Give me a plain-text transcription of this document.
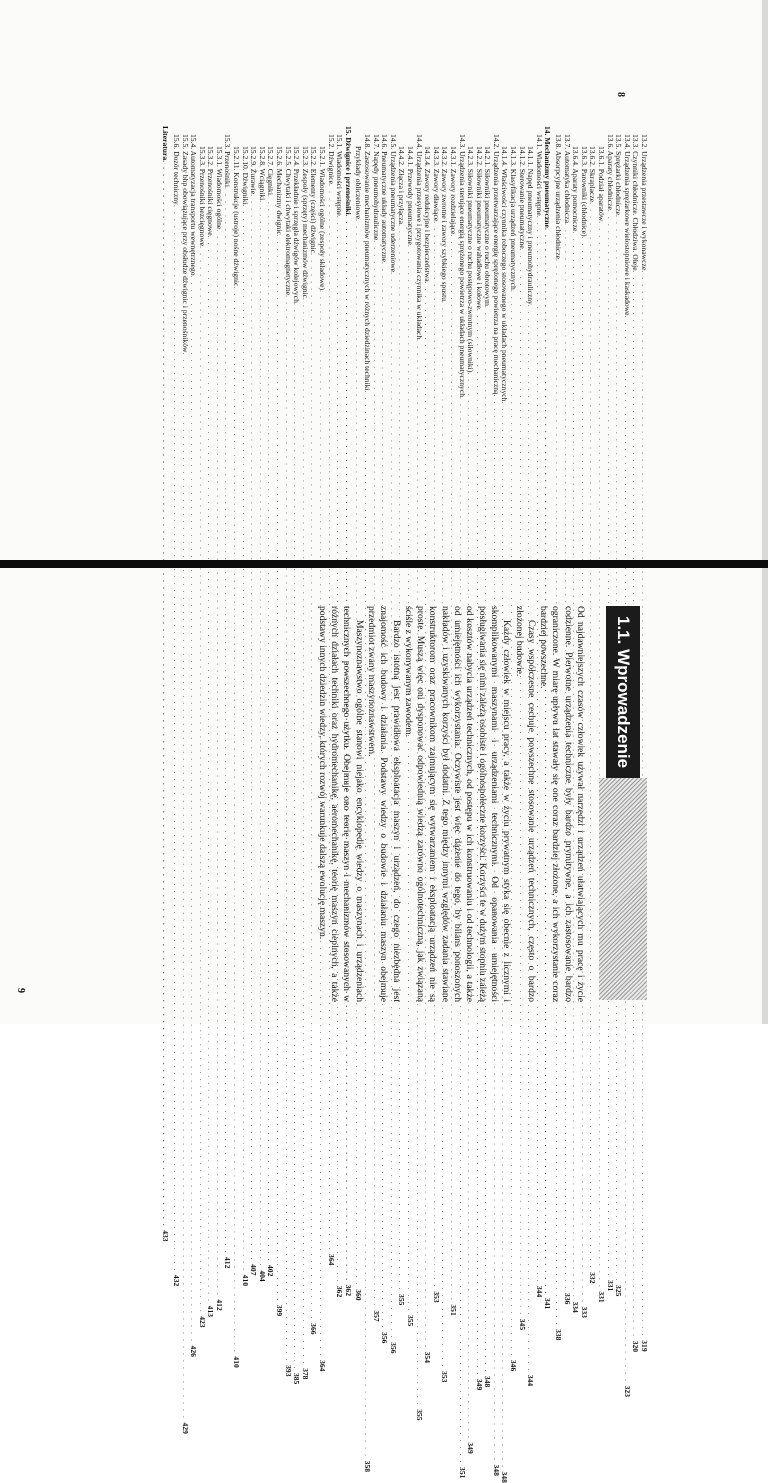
13.2. Urządzenia przestawcze i wykonawcze
. . .
319
13.3. Czynniki chłodnicze. Chłodziwa. Oleje
. . .
320
13.4. Urządzenia sprężarkowe wielostopniowe i kaskadowe
. . .
323
13.5. Sprężarki chłodnicze
. . .
325
13.6. Aparaty chłodnicze
. . .
331
13.6.1. Podział aparatów
. . .
331
13.6.2. Skraplacze
. . .
332
13.6.3. Parowniki (chłodnice)
. . .
333
13.6.4. Aparaty pomocnicze
. . .
334
13.7. Automatyka chłodnicza
. . .
336
13.8. Absorpcyjne urządzenia chłodnicze
. . .
338
14. Mechanizmy pneumatyczne
. . .
341
14.1. Wiadomości wstępne
. . .
344
14.1.1. Napęd pneumatyczny i pneumohydrauliczny
. . .
344
14.1.2. Sterowanie pneumatyczne
. . .
345
14.1.3. Klasyfikacja urządzeń pneumatycznych
. . .
346
14.1.4. Właściwości czynnika roboczego stosowanego w układach pneumatycznych
. . .
348
14.2. Urządzenia przetwarzające energię sprężonego powietrza na pracę mechaniczną
. . .
348
14.2.1. Siłowniki pneumatyczne o ruchu obrotowym
. . .
348
14.2.2. Siłowniki pneumatyczne wahadłowe i kołowe
. . .
349
14.2.3. Siłowniki pneumatyczne o ruchu postępowo-zwrotnym (siłowniki)
. . .
349
14.3. Urządzenia sterujące energią sprężonego powietrza w układach pneumatycznych
. . .
351
14.3.1. Zawory rozdzielające
. . .
351
14.3.2. Zawory zwrotne i zawory szybkiego spustu
. . .
353
14.3.3. Zawory dławiące
. . .
353
14.3.4. Zawory redukcyjne i bezpieczeństwa
. . .
354
14.4. Urządzenia przesyłowe i przygotowania czynnika w układach
. . .
355
14.4.1. Przewody pneumatyczne
. . .
355
14.4.2. Złącza i przyłącza
. . .
355
14.5. Urządzenia pneumatyczne uderzeniowe
. . .
356
14.6. Pneumatyczne układy automatyczne
. . .
356
14.7. Napędy pneumohydrauliczne
. . .
357
14.8. Zastosowanie mechanizmów pneumatycznych w różnych dziedzinach techniki
. . .
358
Przykłady obliczeniowe
. . .
360
15. Dźwignice i przenośniki
. . .
362
15.1. Wiadomości wstępne
. . .
362
15.2. Dźwignice
. . .
364
15.2.1. Wiadomości ogólne (zespoły składowe)
. . .
364
15.2.2. Elementy (części) dźwignic
. . .
366
15.2.3. Zespoły (sprzęty) mechanizmów dźwignic
. . .
378
15.2.4. Przekładnie i sprzęgła dźwigów kolejowych
. . .
385
15.2.5. Chwytaki i chwytaki elektromagnetyczne
. . .
393
15.2.6. Mechanizmy dwignic
. . .
399
15.2.7. Cięgniki
. . .
402
15.2.8. Wciągniki
. . .
404
15.2.9. Żurawie
. . .
407
15.2.10. Dźwigniki
. . .
410
15.2.11. Konstrukcje (ustroje) nośne dźwignic
. . .
410
15.3. Przenośniki
. . .
412
15.3.1. Wiadomości ogólne
. . .
412
15.3.2. Przenośniki cięgnowe
. . .
413
15.3.3. Przenośniki bezcięgnowe
. . .
423
15.4. Automatyzacja transportu wewnętrznego
. . .
426
15.5. Zasady bhp obowiązujące przy obsłudze dźwignic i przenośników
. . .
429
15.6. Dozór techniczny
. . .
432
Literatura
. . .
433
8
1.1. Wprowadzenie

Od najdawniejszych czasów człowiek używał narzędzi i urządzeń ułatwiających mu pracę i życie codzienne. Pierwotne urządzenia techniczne były bardzo prymitywne, a ich zastosowanie bardzo ograniczone. W miarę upływu lat stawały się one coraz bardziej złożone, a ich wykorzystanie coraz bardziej powszechne.

Czasy współczesne cechuje powszechne stosowanie urządzeń technicznych, często o bardzo złożonej budowie.

Każdy człowiek w miejscu pracy, a także w życiu prywatnym styka się obecnie z licznymi i skomplikowanymi maszynami i urządzeniami technicznymi. Od opanowania umiejętności posługiwania się nimi zależą osobiste i ogólnospołeczne korzyści. Korzyści te w dużym stopniu zależą od kosztów nabycia urządzeń technicznych, od postępu w ich konstruowaniu i od technologii, a także od umiejętności ich wykorzystania. Oczywiste jest więc dążenie do tego, by bilans ponoszonych nakładów i uzyskiwanych korzyści był dodatni. Z tego między innymi względów zadania stawiane konstruktorom oraz pracownikom zajmującym się wytwarzaniem i eksploatacją urządzeń nie są proste. Muszą więc oni dysponować odpowiednią wiedzą zarówno ogólnotechniczną, jak związaną ściśle z wykonywanym zawodem.

Bardzo istotną jest prawidłowa eksploatacja maszyn i urządzeń, do czego niezbędna jest znajomość ich budowy i działania. Podstawy wiedzy o budowie i działaniu maszyn obejmuje przedmiot zwany maszynoznawstwem.

Maszynoznawstwo ogólne stanowi niejako encyklopedię wiedzy o maszynach i urządzeniach technicznych powszechnego użytku. Obejmuje ono teorię maszyn i mechanizmów stosowanych w różnych działach techniki oraz hydromechanikę, aeromechanikę, teorię maszyn cieplnych, a także podstawy innych dziedzin wiedzy, których rozwój warunkuje dalszą ewolucję maszyn.

9
